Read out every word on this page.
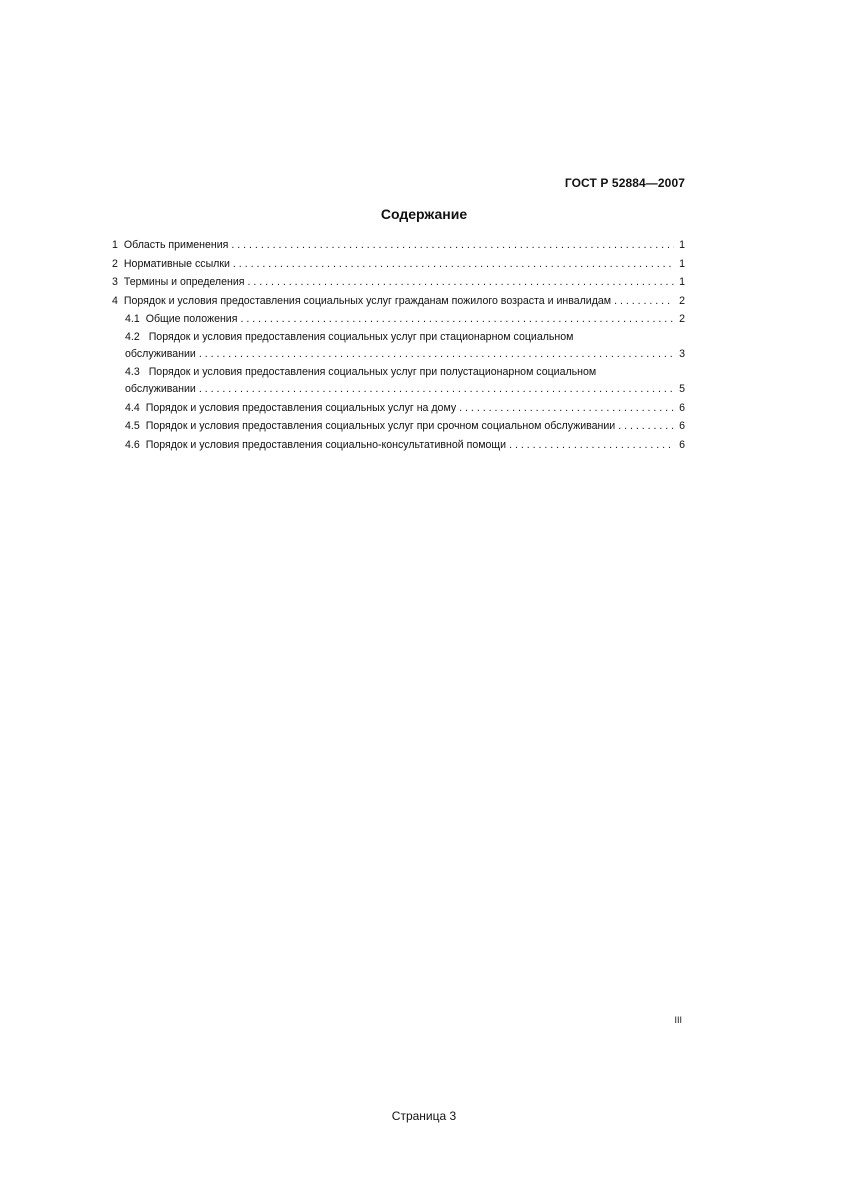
ГОСТ Р 52884—2007
Содержание
1 Область применения . . .	1
2 Нормативные ссылки . . .	1
3 Термины и определения . . .	1
4 Порядок и условия предоставления социальных услуг гражданам пожилого возраста и инвалидам . . .	2
4.1 Общие положения . . .	2
4.2 Порядок и условия предоставления социальных услуг при стационарном социальном
обслуживании . . .	3
4.3 Порядок и условия предоставления социальных услуг при полустационарном социальном
обслуживании . . .	5
4.4 Порядок и условия предоставления социальных услуг на дому . . .	6
4.5 Порядок и условия предоставления социальных услуг при срочном социальном обслуживании . . .	6
4.6 Порядок и условия предоставления социально-консультативной помощи . . .	6
III
Страница 3
